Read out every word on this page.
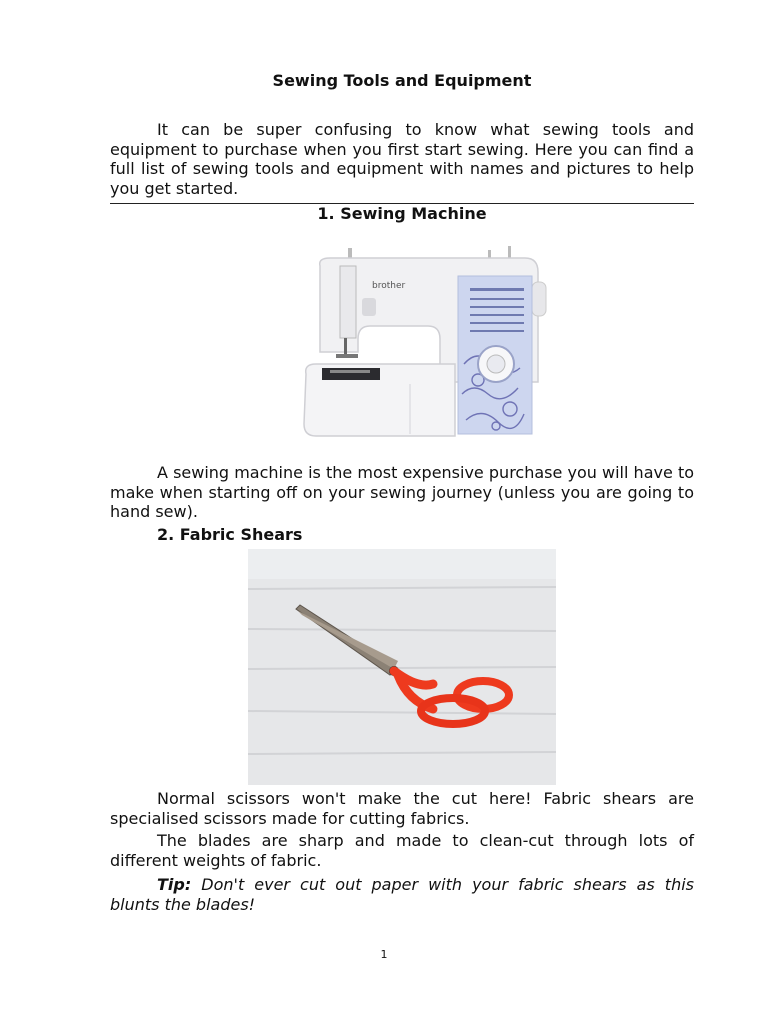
Sewing Tools and Equipment

It can be super confusing to know what sewing tools and equipment to purchase when you first start sewing. Here you can find a full list of sewing tools and equipment with names and pictures to help you get started.

1. Sewing Machine
brother

A sewing machine is the most expensive purchase you will have to make when starting off on your sewing journey (unless you are going to hand sew).

2. Fabric Shears

Normal scissors won't make the cut here! Fabric shears are specialised scissors made for cutting fabrics.

The blades are sharp and made to clean-cut through lots of different weights of fabric.

Tip: Don't ever cut out paper with your fabric shears as this blunts the blades!

1
